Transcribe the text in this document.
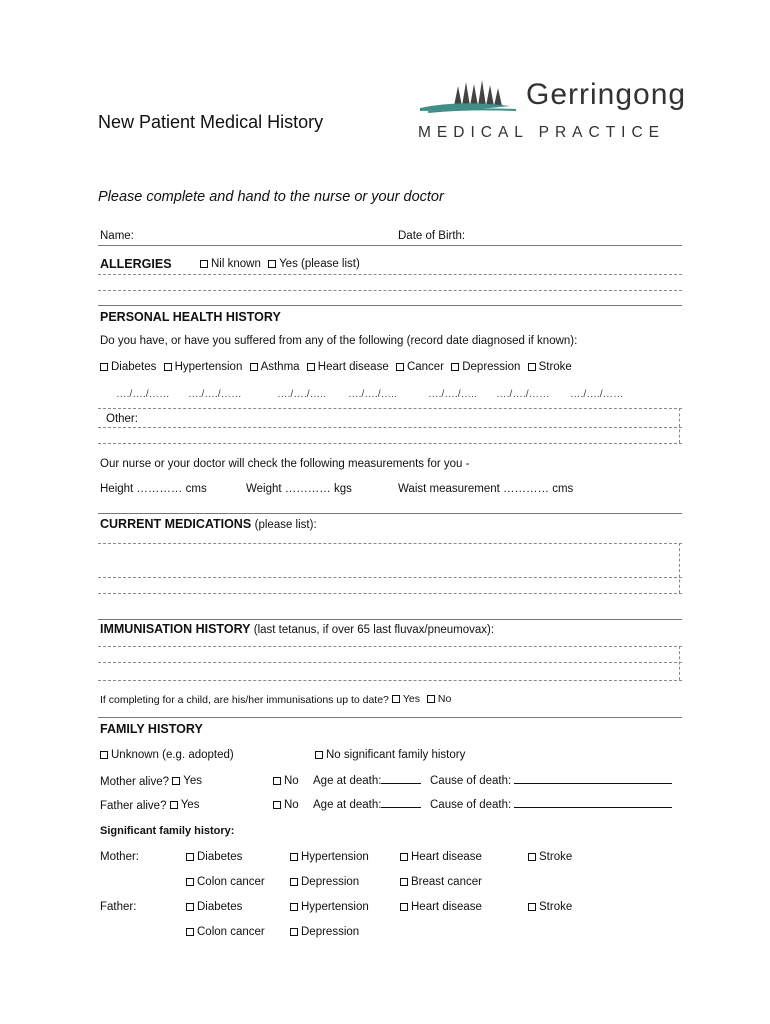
Gerringong
MEDICAL PRACTICE
New Patient Medical History
Please complete and hand to the nurse or your doctor
Name:	Date of Birth:
ALLERGIES	Nil known
Yes (please list)
PERSONAL HEALTH HISTORY
Do you have, or have you suffered from any of the following (record date diagnosed if known):
Diabetes
Hypertension
Asthma
Heart disease
Cancer
Depression
Stroke
…./…./…… …./…./……	…./…./….. …./…./…..	…./…./….. …./…./…… …./…./……
Other:
Our nurse or your doctor will check the following measurements for you -
Height ………… cms	Weight ………… kgs	Waist measurement ………… cms
CURRENT MEDICATIONS (please list):
IMMUNISATION HISTORY (last tetanus, if over 65 last fluvax/pneumovax):
If completing for a child, are his/her immunisations up to date? Yes
No
FAMILY HISTORY
Unknown (e.g. adopted)	No significant family history
Mother alive? Yes	No Age at death:	Cause of death:
Father alive? Yes	No Age at death:	Cause of death:
Significant family history:
Mother:	Diabetes	Hypertension	Heart disease	Stroke
Colon cancer	Depression	Breast cancer
Father:	Diabetes	Hypertension	Heart disease	Stroke
Colon cancer	Depression
